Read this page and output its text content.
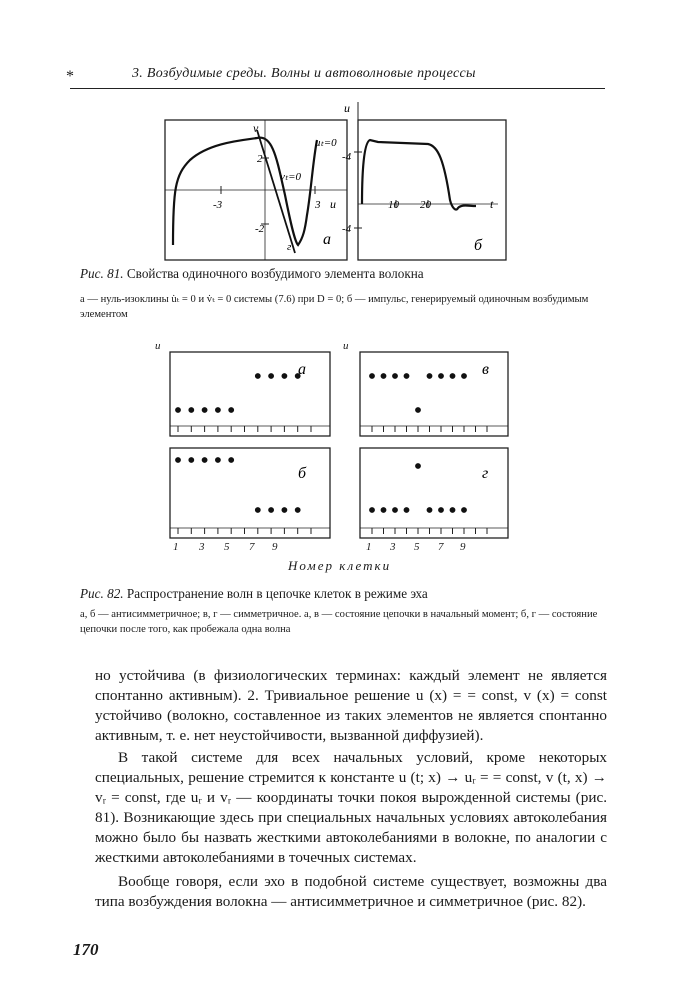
*	3. Возбудимые среды. Волны и автоволновые процессы
v
uₜ=0
vₜ=0
-3	3 u
2
-2
г а
u
-4
-4
10 20	t
б
Рис. 81. Свойства одиночного возбудимого элемента волокна
а — нуль-изоклины u̇ₜ = 0 и v̇ₜ = 0 системы (7.6) при D = 0; б — импульс, генерируемый одиночным возбудимым элементом
u	u
а	в
б	г
1 3 5 7 9	1 3 5 7 9
Номер клетки
Рис. 82. Распространение волн в цепочке клеток в режиме эха
а, б — антисимметричное; в, г — симметричное. а, в — состояние цепочки в начальный момент; б, г — состояние цепочки после того, как пробежала одна волна

но устойчива (в физиологических терминах: каждый элемент не является спонтанно активным). 2. Тривиальное решение u (x) = = const, v (x) = const устойчиво (волокно, составленное из таких элементов не является спонтанно активным, т. е. нет неустойчивости, вызванной диффузией).

В такой системе для всех начальных условий, кроме некоторых специальных, решение стремится к константе u (t; x) → uᵣ = = const, v (t, x) → vᵣ = const, где uᵣ и vᵣ — координаты точки покоя вырожденной системы (рис. 81). Возникающие здесь при специальных начальных условиях автоколебания можно было бы назвать жесткими автоколебаниями в волокне, по аналогии с жесткими автоколебаниями в точечных системах.

Вообще говоря, если эхо в подобной системе существует, возможны два типа возбуждения волокна — антисимметричное и симметричное (рис. 82).

170
